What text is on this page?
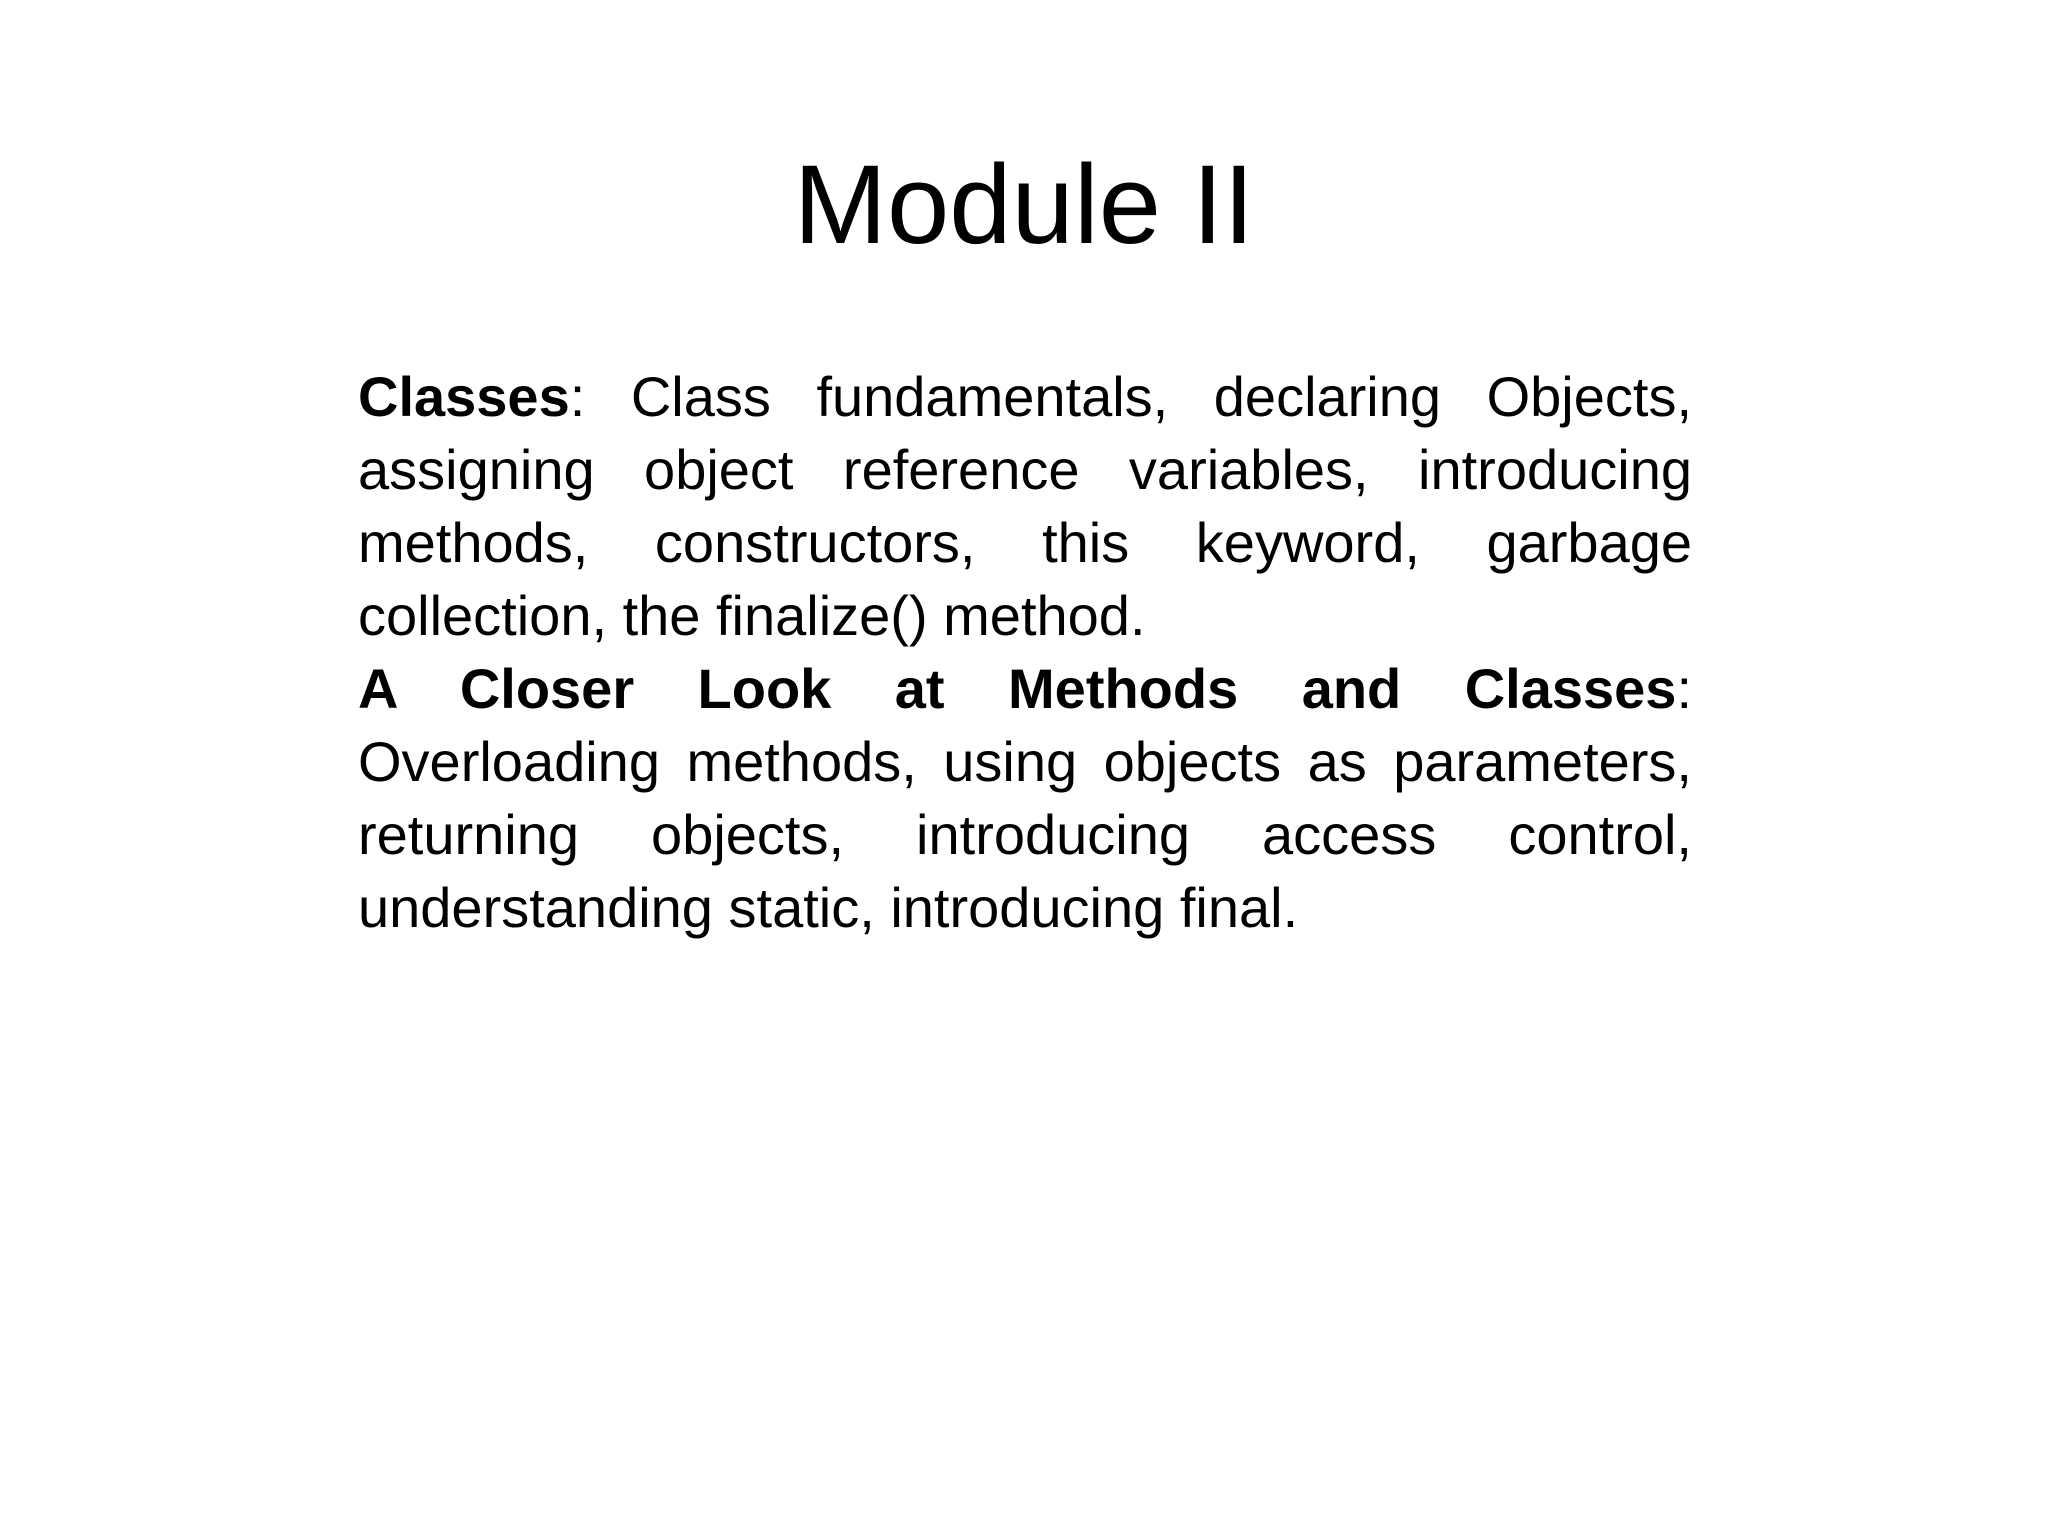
Module II

Classes: Class fundamentals, declaring Objects, assigning object reference variables, introducing methods, constructors, this keyword, garbage collection, the finalize() method.

A Closer Look at Methods and Classes: Overloading methods, using objects as parameters, returning objects, introducing access control, understanding static, introducing final.
